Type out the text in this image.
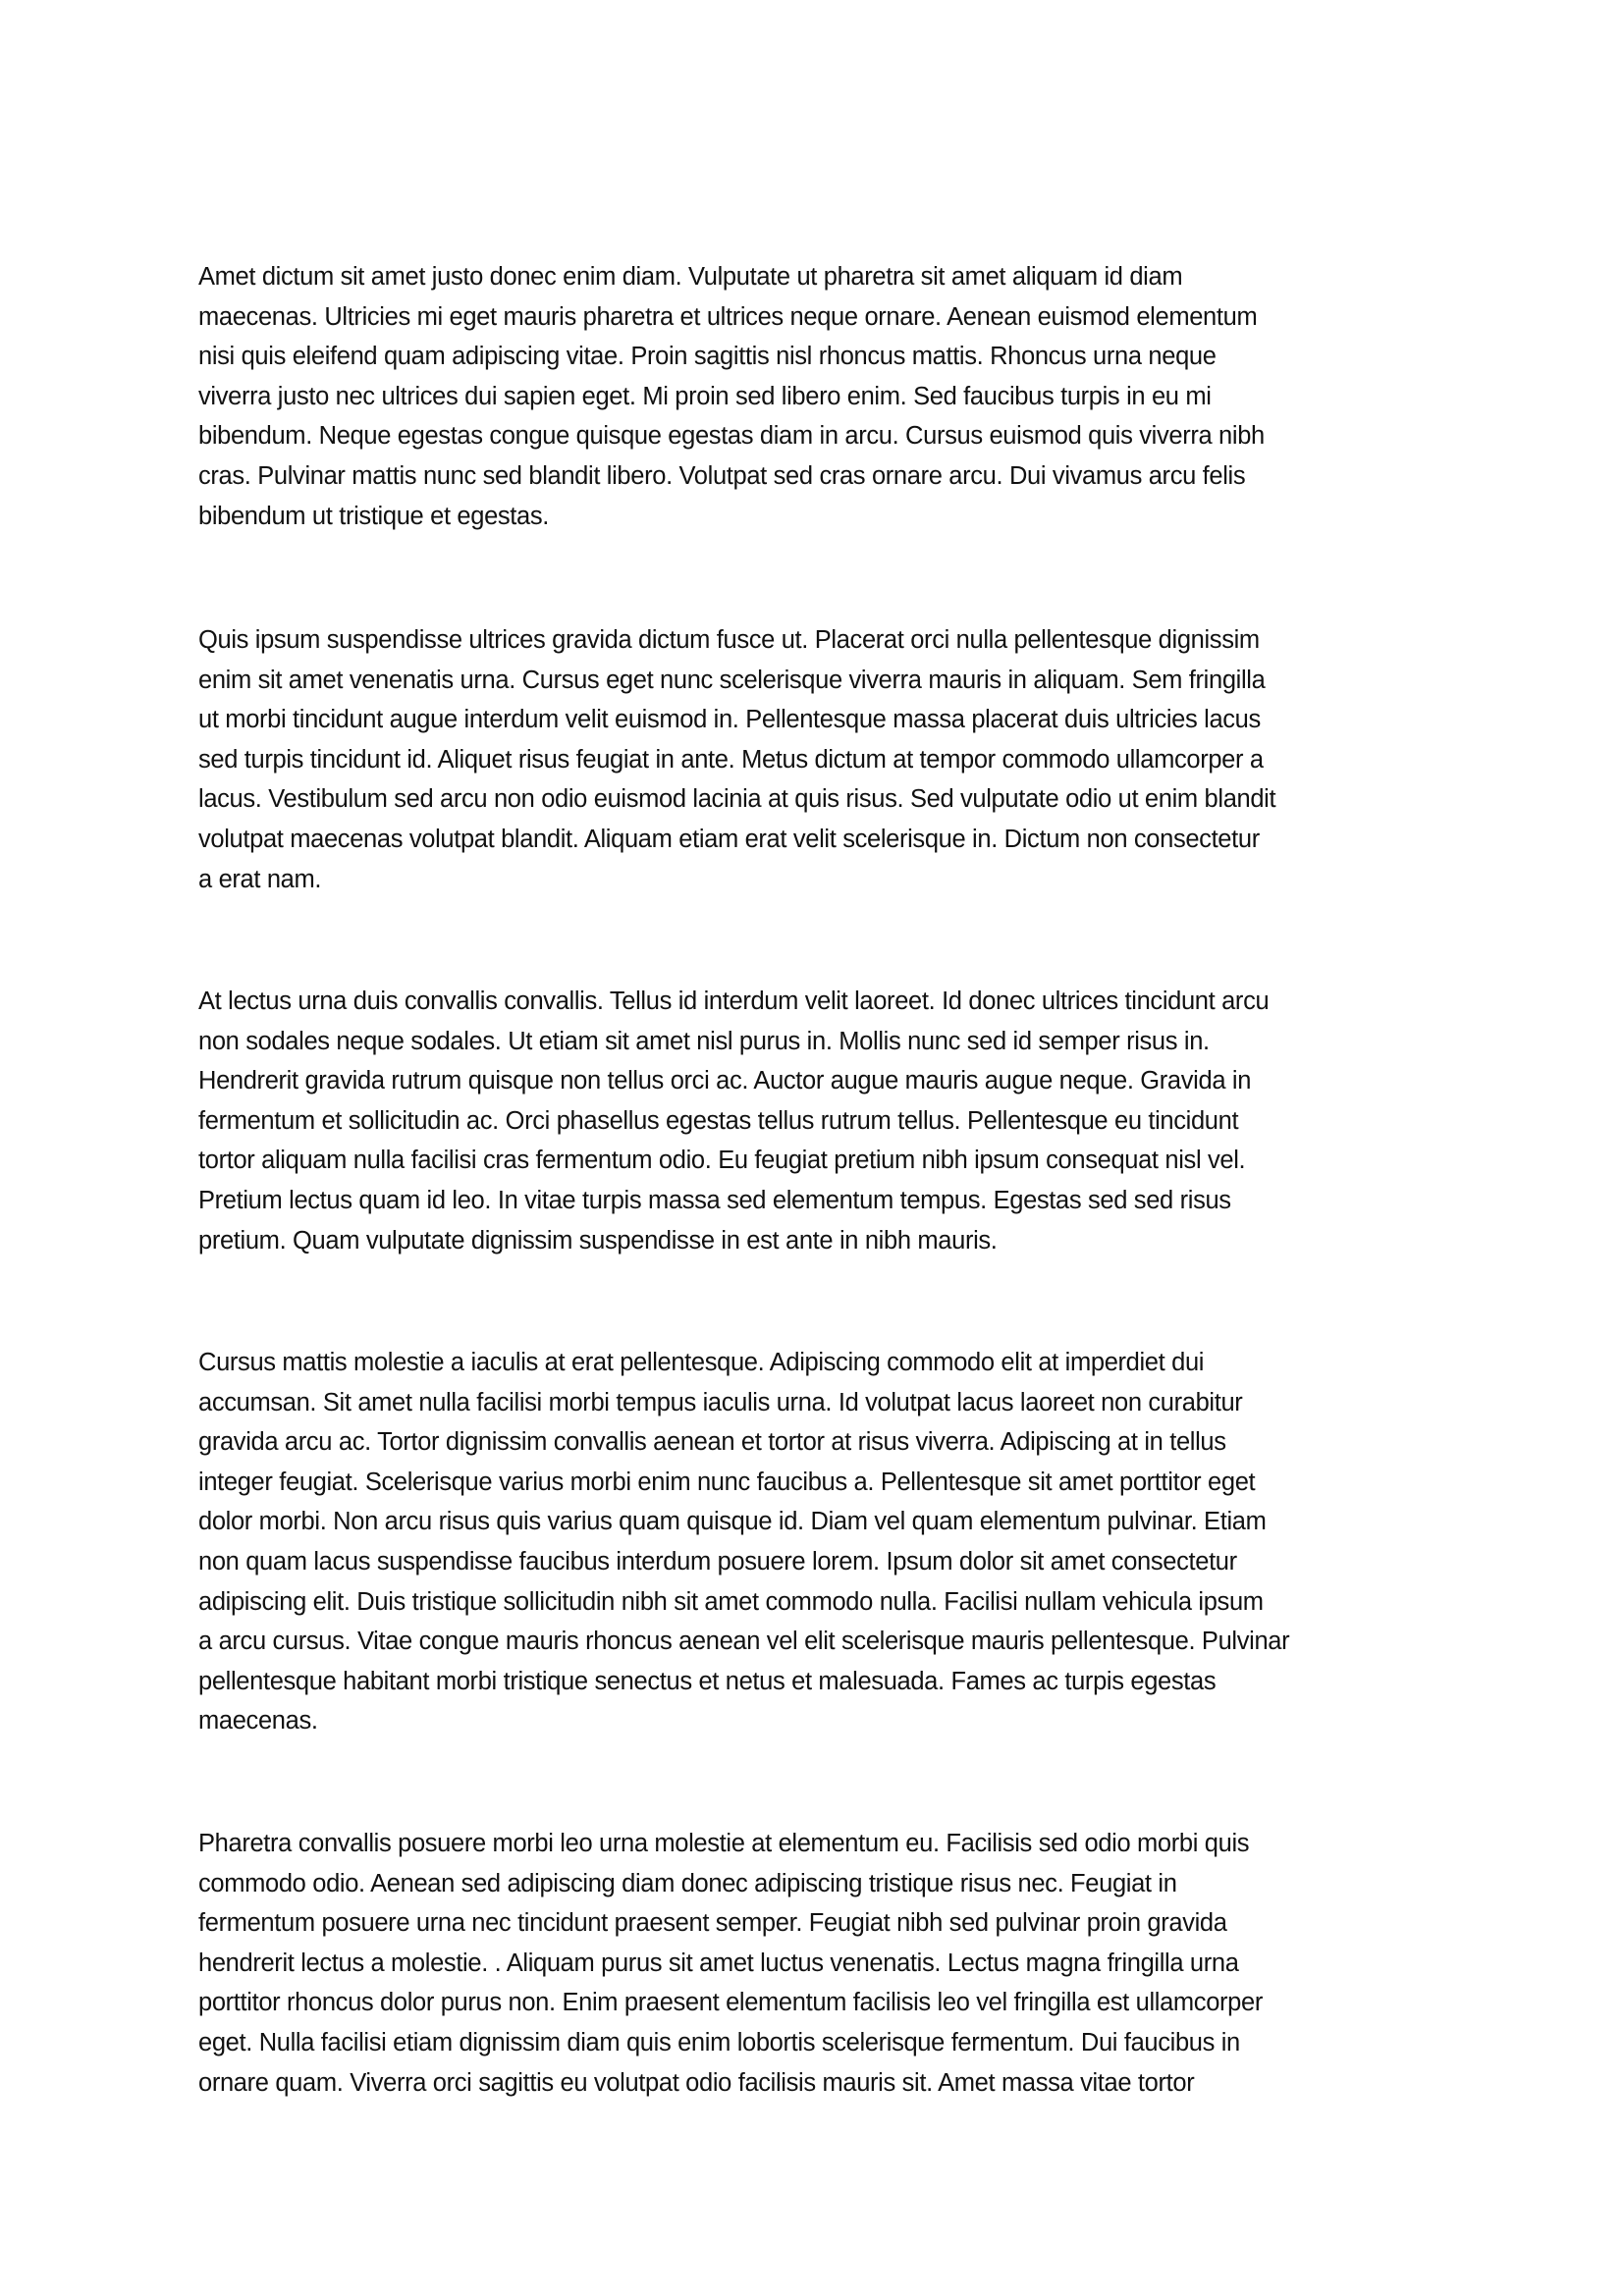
Amet dictum sit amet justo donec enim diam. Vulputate ut pharetra sit amet aliquam id diam
maecenas. Ultricies mi eget mauris pharetra et ultrices neque ornare. Aenean euismod elementum
nisi quis eleifend quam adipiscing vitae. Proin sagittis nisl rhoncus mattis. Rhoncus urna neque
viverra justo nec ultrices dui sapien eget. Mi proin sed libero enim. Sed faucibus turpis in eu mi
bibendum. Neque egestas congue quisque egestas diam in arcu. Cursus euismod quis viverra nibh
cras. Pulvinar mattis nunc sed blandit libero. Volutpat sed cras ornare arcu. Dui vivamus arcu felis
bibendum ut tristique et egestas.
Quis ipsum suspendisse ultrices gravida dictum fusce ut. Placerat orci nulla pellentesque dignissim
enim sit amet venenatis urna. Cursus eget nunc scelerisque viverra mauris in aliquam. Sem fringilla
ut morbi tincidunt augue interdum velit euismod in. Pellentesque massa placerat duis ultricies lacus
sed turpis tincidunt id. Aliquet risus feugiat in ante. Metus dictum at tempor commodo ullamcorper a
lacus. Vestibulum sed arcu non odio euismod lacinia at quis risus. Sed vulputate odio ut enim blandit
volutpat maecenas volutpat blandit. Aliquam etiam erat velit scelerisque in. Dictum non consectetur
a erat nam.
At lectus urna duis convallis convallis. Tellus id interdum velit laoreet. Id donec ultrices tincidunt arcu
non sodales neque sodales. Ut etiam sit amet nisl purus in. Mollis nunc sed id semper risus in.
Hendrerit gravida rutrum quisque non tellus orci ac. Auctor augue mauris augue neque. Gravida in
fermentum et sollicitudin ac. Orci phasellus egestas tellus rutrum tellus. Pellentesque eu tincidunt
tortor aliquam nulla facilisi cras fermentum odio. Eu feugiat pretium nibh ipsum consequat nisl vel.
Pretium lectus quam id leo. In vitae turpis massa sed elementum tempus. Egestas sed sed risus
pretium. Quam vulputate dignissim suspendisse in est ante in nibh mauris.
Cursus mattis molestie a iaculis at erat pellentesque. Adipiscing commodo elit at imperdiet dui
accumsan. Sit amet nulla facilisi morbi tempus iaculis urna. Id volutpat lacus laoreet non curabitur
gravida arcu ac. Tortor dignissim convallis aenean et tortor at risus viverra. Adipiscing at in tellus
integer feugiat. Scelerisque varius morbi enim nunc faucibus a. Pellentesque sit amet porttitor eget
dolor morbi. Non arcu risus quis varius quam quisque id. Diam vel quam elementum pulvinar. Etiam
non quam lacus suspendisse faucibus interdum posuere lorem. Ipsum dolor sit amet consectetur
adipiscing elit. Duis tristique sollicitudin nibh sit amet commodo nulla. Facilisi nullam vehicula ipsum
a arcu cursus. Vitae congue mauris rhoncus aenean vel elit scelerisque mauris pellentesque. Pulvinar
pellentesque habitant morbi tristique senectus et netus et malesuada. Fames ac turpis egestas
maecenas.
Pharetra convallis posuere morbi leo urna molestie at elementum eu. Facilisis sed odio morbi quis
commodo odio. Aenean sed adipiscing diam donec adipiscing tristique risus nec. Feugiat in
fermentum posuere urna nec tincidunt praesent semper. Feugiat nibh sed pulvinar proin gravida
hendrerit lectus a molestie. . Aliquam purus sit amet luctus venenatis. Lectus magna fringilla urna
porttitor rhoncus dolor purus non. Enim praesent elementum facilisis leo vel fringilla est ullamcorper
eget. Nulla facilisi etiam dignissim diam quis enim lobortis scelerisque fermentum. Dui faucibus in
ornare quam. Viverra orci sagittis eu volutpat odio facilisis mauris sit. Amet massa vitae tortor
